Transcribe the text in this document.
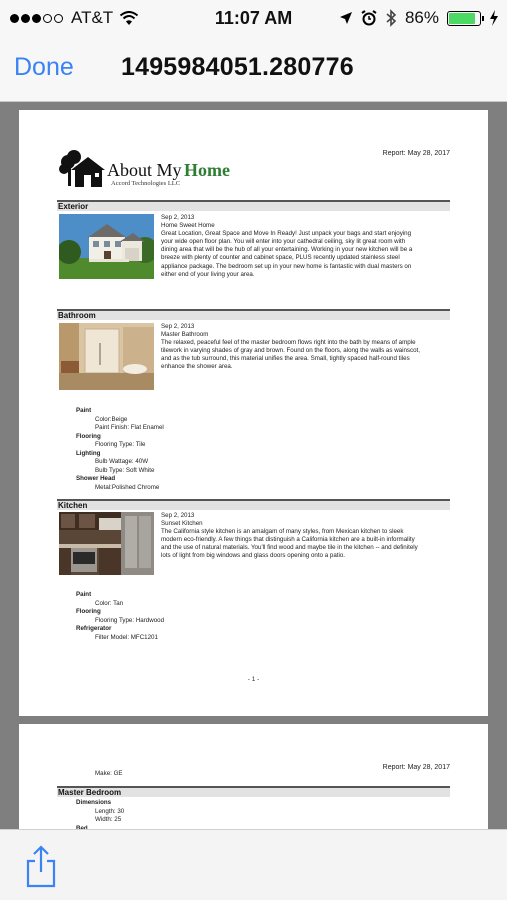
AT&T	11:07 AM	86%
Done 1495984051.280776
About My Home
Accord Technologies LLC
Report: May 28, 2017
Exterior
Sep 2, 2013
Home Sweet Home
Great Location, Great Space and Move In Ready! Just unpack your bags and start enjoying your wide open floor plan. You will enter into your cathedral ceiling, sky lit great room with dining area that will be the hub of all your entertaining. Working in your new kitchen will be a breeze with plenty of counter and cabinet space, PLUS recently updated stainless steel appliance package. The bedroom set up in your new home is fantastic with dual masters on either end of your living your area.
Bathroom
Sep 2, 2013
Master Bathroom
The relaxed, peaceful feel of the master bedroom flows right into the bath by means of ample tilework in varying shades of gray and brown. Found on the floors, along the walls as wainscot, and as the tub surround, this material unifies the area. Small, tightly spaced half-round tiles enhance the shower area.
Paint
Color:Beige
Paint Finish: Flat Enamel
Flooring
Flooring Type: Tile
Lighting
Bulb Wattage: 40W
Bulb Type: Soft White
Shower Head
Metal:Polished Chrome
Kitchen
Sep 2, 2013
Sunset Kitchen
The California style kitchen is an amalgam of many styles, from Mexican kitchen to sleek modern eco-friendly. A few things that distinguish a California kitchen are a built-in informality and the use of natural materials. You'll find wood and maybe tile in the kitchen -- and definitely lots of light from big windows and glass doors opening onto a patio.
Paint
Color: Tan
Flooring
Flooring Type: Hardwood
Refrigerator
Filter Model: MFC1201
- 1 -
Report: May 28, 2017
Make: GE
Master Bedroom
Dimensions
Length: 30
Width: 25
Bed
